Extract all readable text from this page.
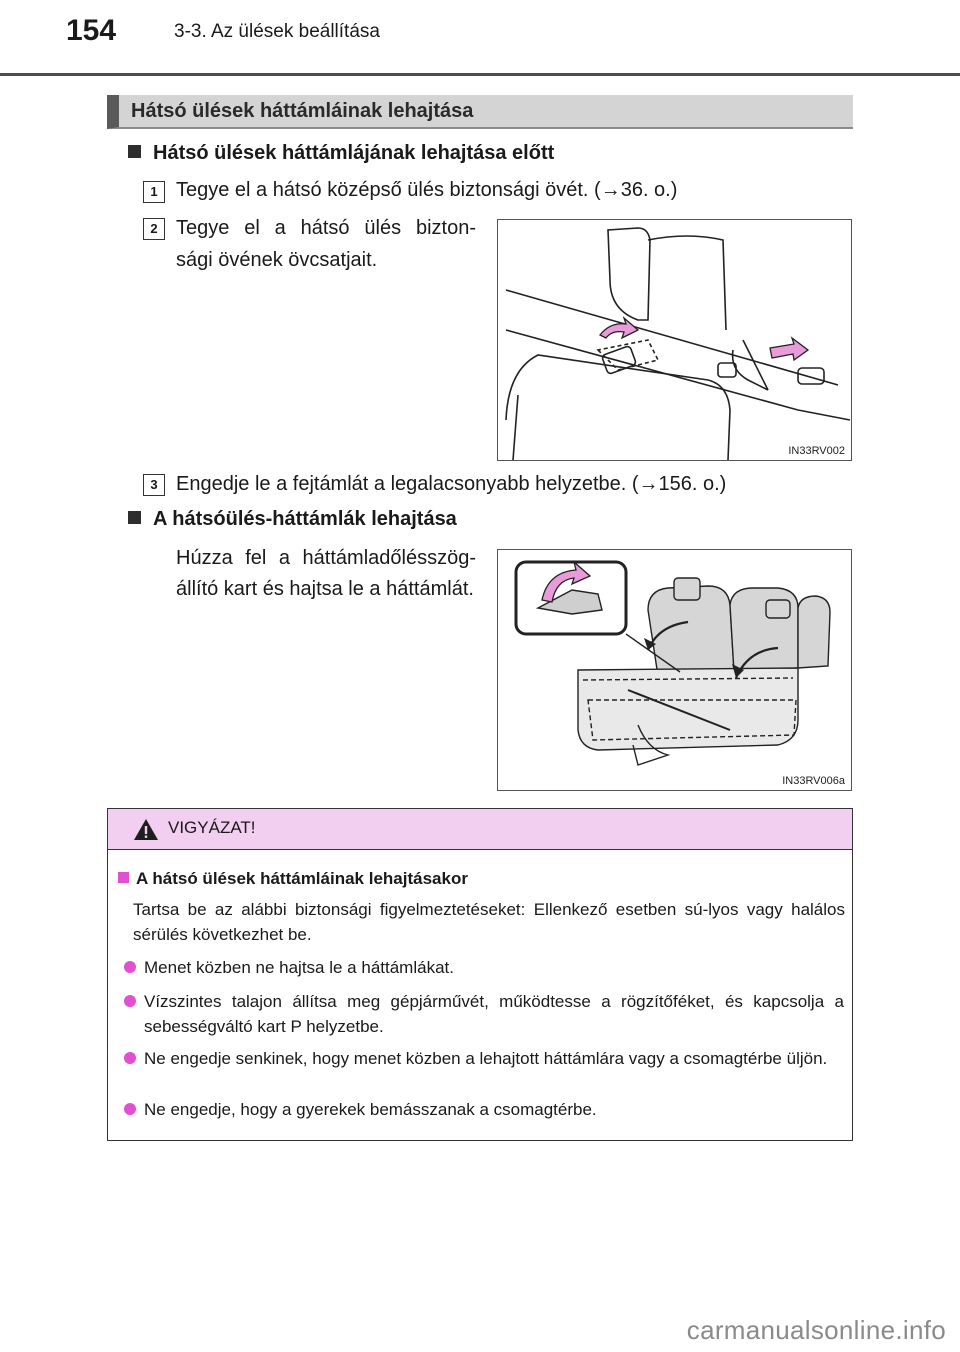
154	3-3. Az ülések beállítása
Hátsó ülések háttámláinak lehajtása
Hátsó ülések háttámlájának lehajtása előtt
1 Tegye el a hátsó középső ülés biztonsági övét. (→36. o.)
2 Tegye el a hátsó ülés bizton-
sági övének övcsatjait.
IN33RV002
3 Engedje le a fejtámlát a legalacsonyabb helyzetbe. (→156. o.)
A hátsóülés-háttámlák lehajtása
Húzza fel a háttámladőlésszög-
állító kart és hajtsa le a háttámlát.
IN33RV006a
VIGYÁZAT!
A hátsó ülések háttámláinak lehajtásakor
Tartsa be az alábbi biztonsági figyelmeztetéseket: Ellenkező esetben sú-lyos vagy halálos sérülés következhet be.
Menet közben ne hajtsa le a háttámlákat.
Vízszintes talajon állítsa meg gépjárművét, működtesse a rögzítőféket, és kapcsolja a sebességváltó kart P helyzetbe.
Ne engedje senkinek, hogy menet közben a lehajtott háttámlára vagy a csomagtérbe üljön.
Ne engedje, hogy a gyerekek bemásszanak a csomagtérbe.
carmanualsonline.info
